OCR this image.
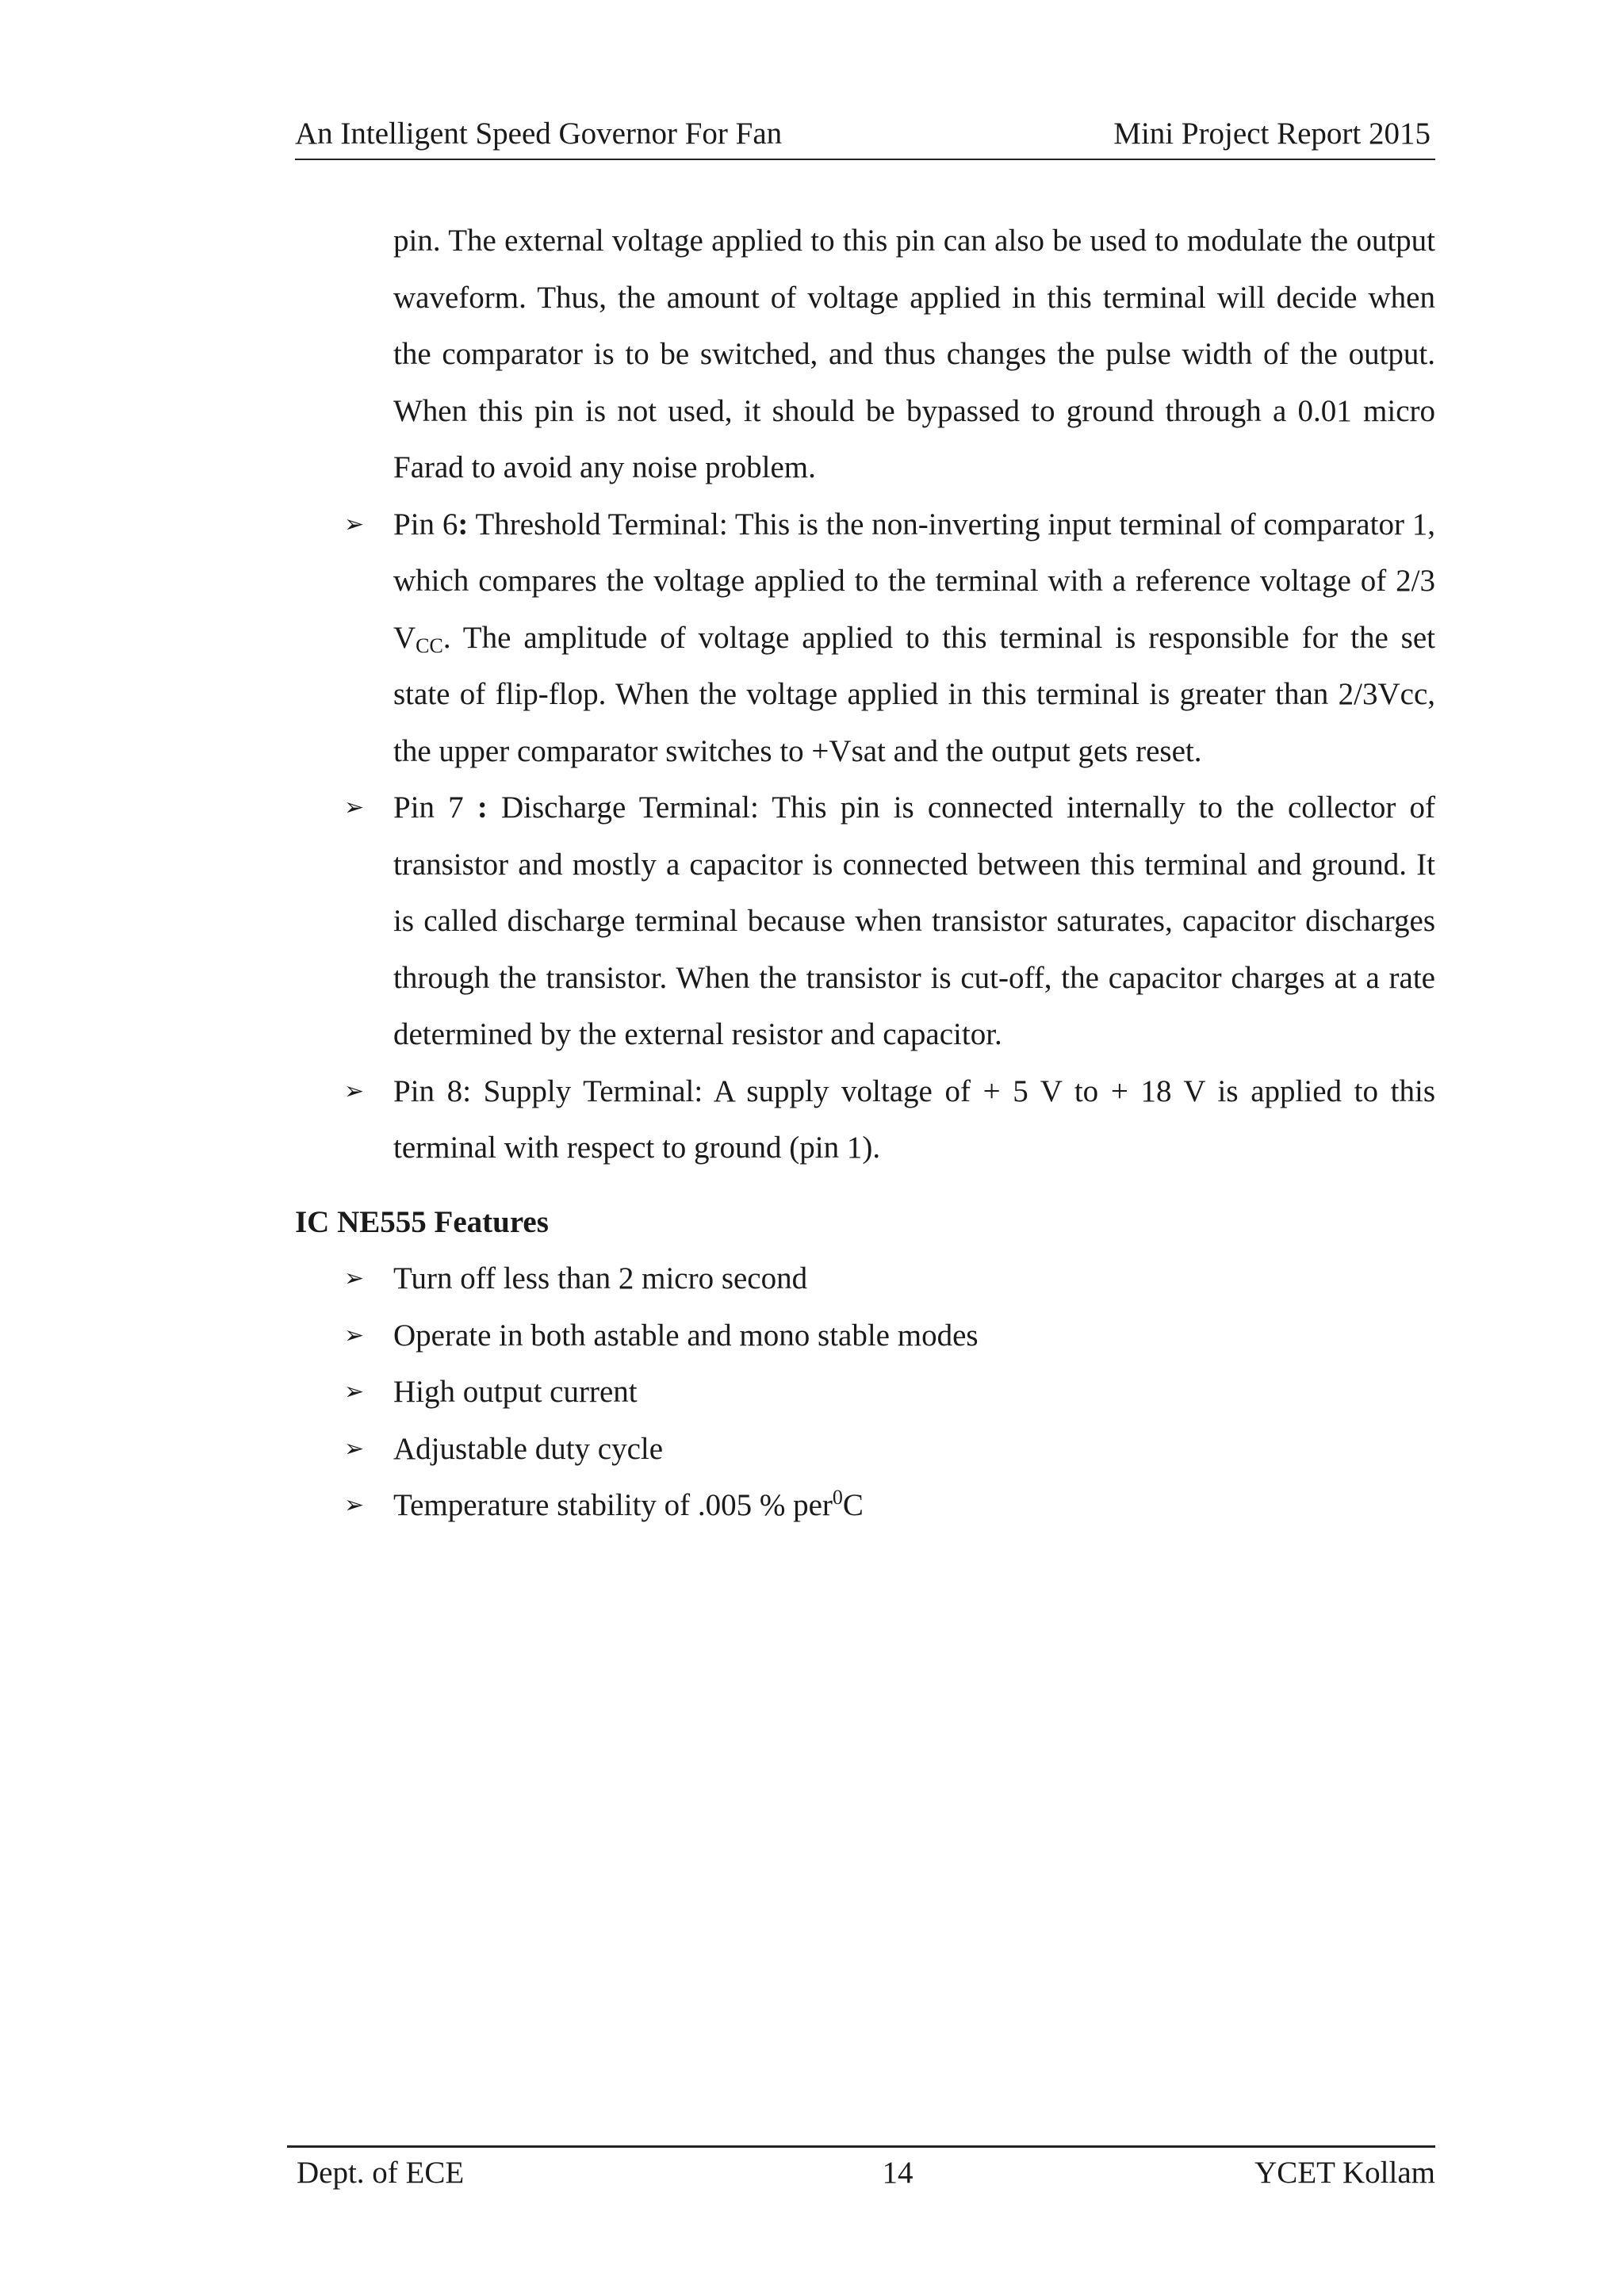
An Intelligent Speed Governor For Fan	Mini Project Report 2015

pin. The external voltage applied to this pin can also be used to modulate the output waveform. Thus, the amount of voltage applied in this terminal will decide when the comparator is to be switched, and thus changes the pulse width of the output. When this pin is not used, it should be bypassed to ground through a 0.01 micro Farad to avoid any noise problem.

➢ Pin 6: Threshold Terminal: This is the non-inverting input terminal of comparator 1, which compares the voltage applied to the terminal with a reference voltage of 2/3 $V_{CC}$. The amplitude of voltage applied to this terminal is responsible for the set state of flip-flop. When the voltage applied in this terminal is greater than 2/3Vcc, the upper comparator switches to +Vsat and the output gets reset.
➢ Pin 7 : Discharge Terminal: This pin is connected internally to the collector of transistor and mostly a capacitor is connected between this terminal and ground. It is called discharge terminal because when transistor saturates, capacitor discharges through the transistor. When the transistor is cut-off, the capacitor charges at a rate determined by the external resistor and capacitor.
➢ Pin 8: Supply Terminal: A supply voltage of + 5 V to + 18 V is applied to this terminal with respect to ground (pin 1).
IC NE555 Features
➢ Turn off less than 2 micro second
➢ Operate in both astable and mono stable modes
➢ High output current
➢ Adjustable duty cycle
➢ Temperature stability of .005 % per$^0$C
Dept. of ECE	14	YCET Kollam
